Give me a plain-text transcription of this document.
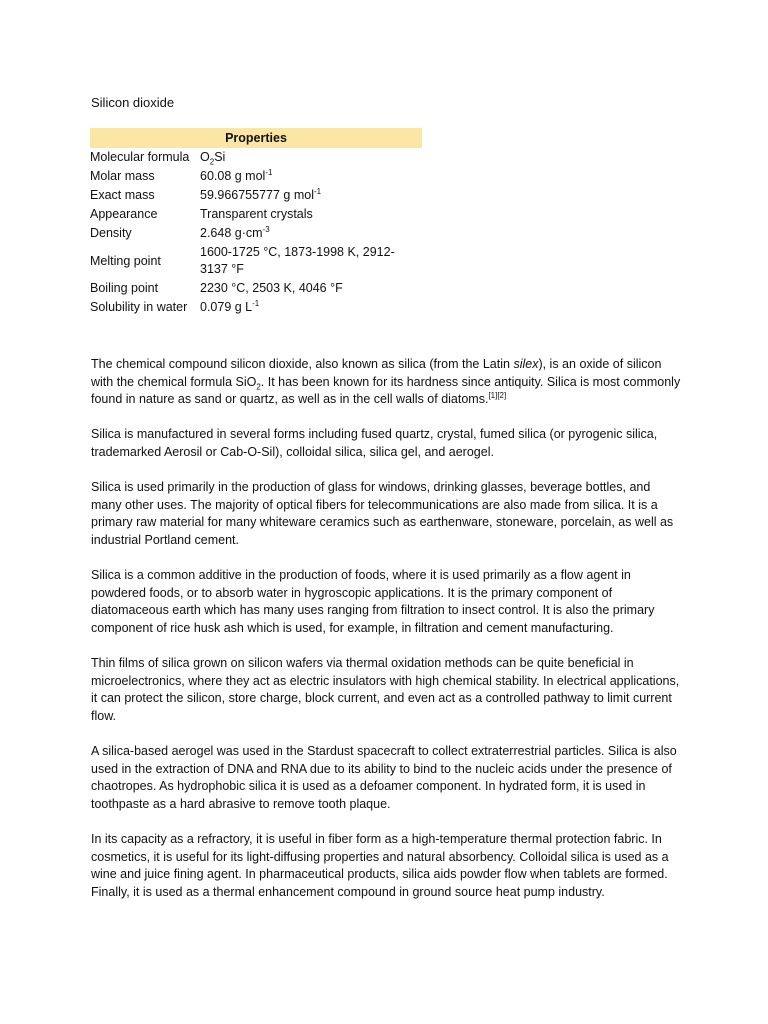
Silicon dioxide
Properties	
Molecular formula	$O_2Si$
Molar mass	60.08 g mol$^{-1}$
Exact mass	59.966755777 g mol$^{-1}$
Appearance	Transparent crystals
Density	2.648 $g\cdot cm^{-3}$
Melting point	1600-1725 °C, 1873-1998 K, 2912-3137 °F
Boiling point	2230 °C, 2503 K, 4046 °F
Solubility in water	0.079 g $L^{-1}$

The chemical compound silicon dioxide, also known as silica (from the Latin silex), is an oxide of silicon with the chemical formula SiO$_2$. It has been known for its hardness since antiquity. Silica is most commonly found in nature as sand or quartz, as well as in the cell walls of diatoms.[1][2]

Silica is manufactured in several forms including fused quartz, crystal, fumed silica (or pyrogenic silica, trademarked Aerosil or Cab-O-Sil), colloidal silica, silica gel, and aerogel.

Silica is used primarily in the production of glass for windows, drinking glasses, beverage bottles, and many other uses. The majority of optical fibers for telecommunications are also made from silica. It is a primary raw material for many whiteware ceramics such as earthenware, stoneware, porcelain, as well as industrial Portland cement.

Silica is a common additive in the production of foods, where it is used primarily as a flow agent in powdered foods, or to absorb water in hygroscopic applications. It is the primary component of diatomaceous earth which has many uses ranging from filtration to insect control. It is also the primary component of rice husk ash which is used, for example, in filtration and cement manufacturing.

Thin films of silica grown on silicon wafers via thermal oxidation methods can be quite beneficial in microelectronics, where they act as electric insulators with high chemical stability. In electrical applications, it can protect the silicon, store charge, block current, and even act as a controlled pathway to limit current flow.

A silica-based aerogel was used in the Stardust spacecraft to collect extraterrestrial particles. Silica is also used in the extraction of DNA and RNA due to its ability to bind to the nucleic acids under the presence of chaotropes. As hydrophobic silica it is used as a defoamer component. In hydrated form, it is used in toothpaste as a hard abrasive to remove tooth plaque.

In its capacity as a refractory, it is useful in fiber form as a high-temperature thermal protection fabric. In cosmetics, it is useful for its light-diffusing properties and natural absorbency. Colloidal silica is used as a wine and juice fining agent. In pharmaceutical products, silica aids powder flow when tablets are formed. Finally, it is used as a thermal enhancement compound in ground source heat pump industry.
